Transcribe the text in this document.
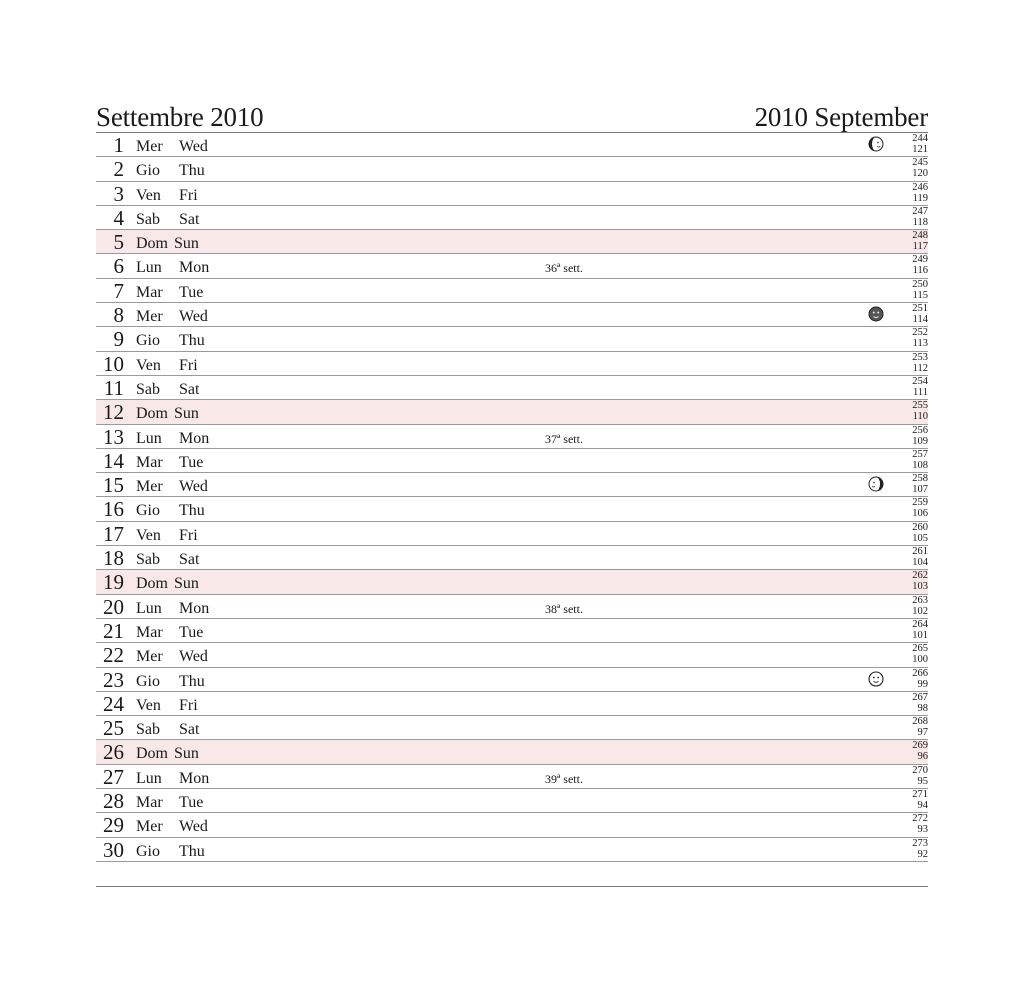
Settembre 2010	2010 September
1 Mer Wed	244
121
2 Gio Thu	245
120
3 Ven Fri	246
119
4 Sab Sat	247
118
5 Dom Sun	248
117
6 Lun Mon	36ª sett.
249
116
7 Mar Tue	250
115
8 Mer Wed	251
114
9 Gio Thu	252
113
10 Ven Fri	253
112
11 Sab Sat	254
111
12 Dom Sun	255
110
13 Lun Mon	37ª sett.
256
109
14 Mar Tue	257
108
15 Mer Wed	258
107
16 Gio Thu	259
106
17 Ven Fri	260
105
18 Sab Sat	261
104
19 Dom Sun	262
103
20 Lun Mon	38ª sett.
263
102
21 Mar Tue	264
101
22 Mer Wed	265
100
23 Gio Thu	266
99
24 Ven Fri	267
98
25 Sab Sat	268
97
26 Dom Sun	269
96
27 Lun Mon	39ª sett.
270
95
28 Mar Tue	271
94
29 Mer Wed	272
93
30 Gio Thu	273
92
